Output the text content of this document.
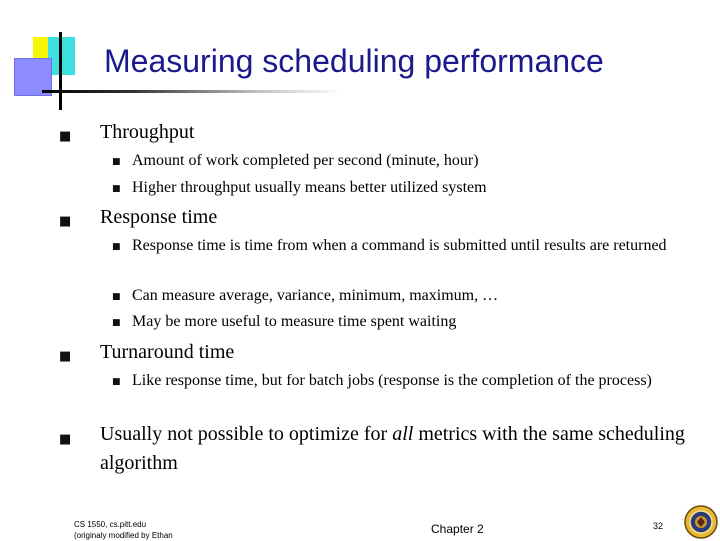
Measuring scheduling performance
■ Throughput
■ Amount of work completed per second (minute, hour)
■ Higher throughput usually means better utilized system
■ Response time
■ Response time is time from when a command is submitted until results are returned
■ Can measure average, variance, minimum, maximum, …
■ May be more useful to measure time spent waiting
■ Turnaround time
■ Like response time, but for batch jobs (response is the completion of the process)
■ Usually not possible to optimize for all metrics with the same scheduling algorithm
CS 1550, cs.pitt.edu
(originaly modified by Ethan	Chapter 2	32
